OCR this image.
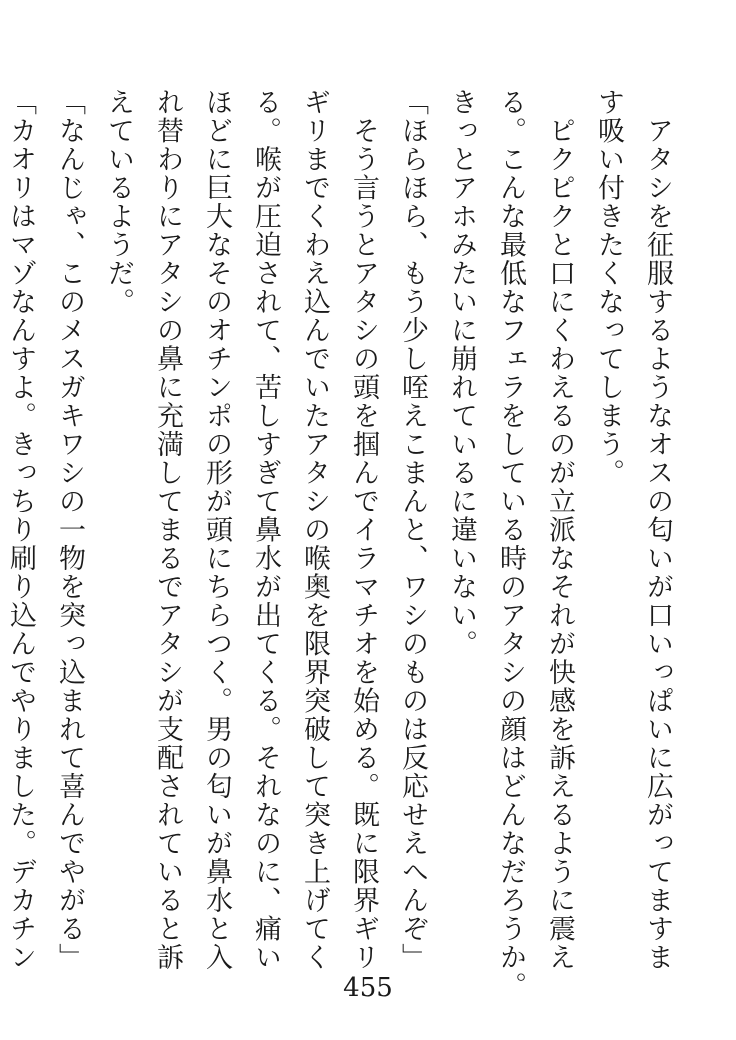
　アタシを征服するようなオスの匂いが口いっぱいに広がってますま
す吸い付きたくなってしまう。
　ピクピクと口にくわえるのが立派なそれが快感を訴えるように震え
る。こんな最低なフェラをしている時のアタシの顔はどんなだろうか。
きっとアホみたいに崩れているに違いない。
「ほらほら、もう少し咥えこまんと、ワシのものは反応せえへんぞ」
　そう言うとアタシの頭を掴んでイラマチオを始める。既に限界ギリ
ギリまでくわえ込んでいたアタシの喉奥を限界突破して突き上げてく
る。喉が圧迫されて、苦しすぎて鼻水が出てくる。それなのに、痛い
ほどに巨大なそのオチンポの形が頭にちらつく。男の匂いが鼻水と入
れ替わりにアタシの鼻に充満してまるでアタシが支配されていると訴
えているようだ。
「なんじゃ、このメスガキワシの一物を突っ込まれて喜んでやがる」
「カオリはマゾなんすよ。きっちり刷り込んでやりました。デカチン
455
